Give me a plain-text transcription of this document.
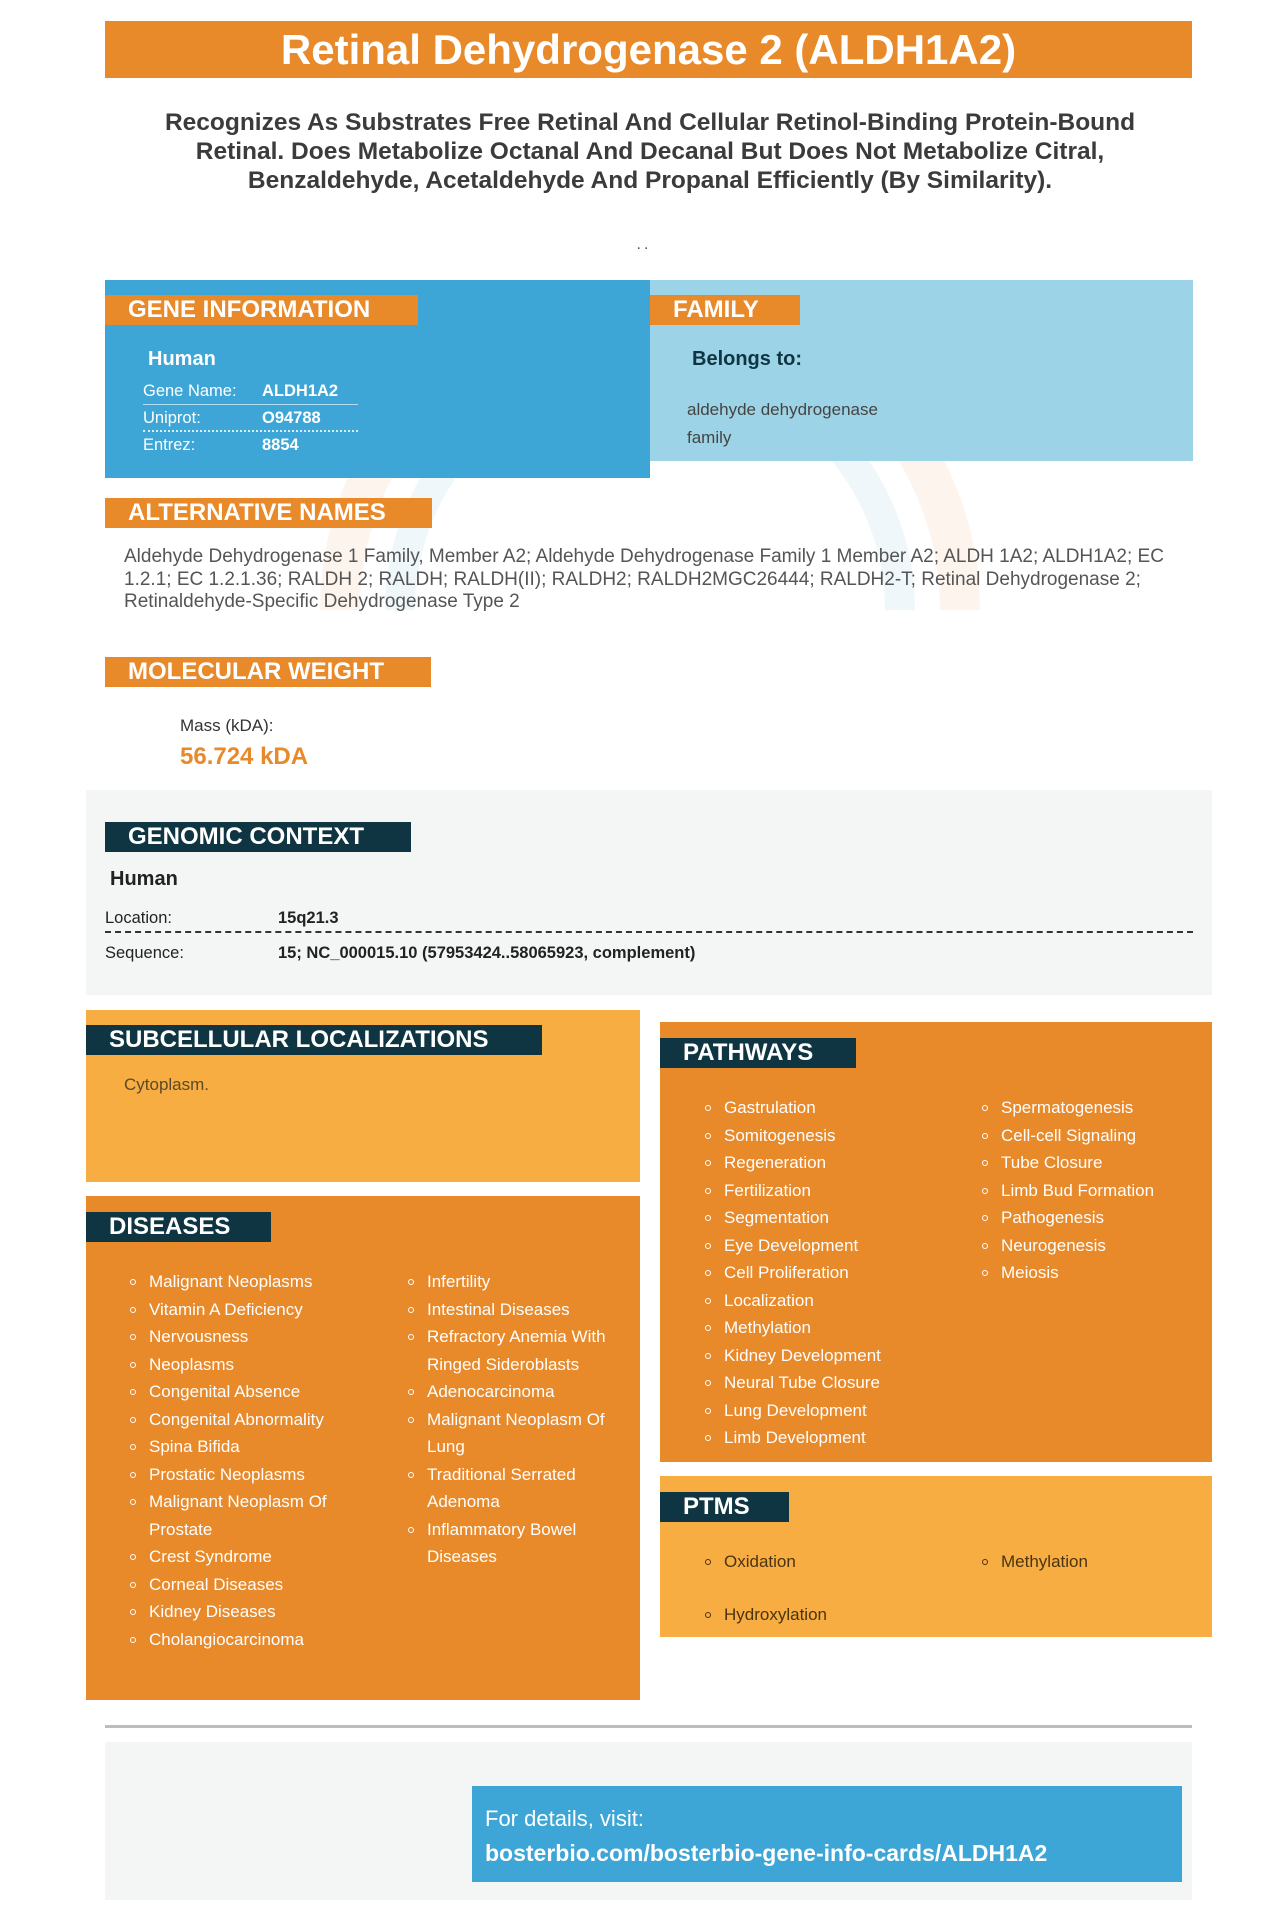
Retinal Dehydrogenase 2 (ALDH1A2)
Recognizes As Substrates Free Retinal And Cellular Retinol-Binding Protein-Bound Retinal. Does Metabolize Octanal And Decanal But Does Not Metabolize Citral, Benzaldehyde, Acetaldehyde And Propanal Efficiently (By Similarity).
..
GENE INFORMATION
Human
Gene Name: ALDH1A2
Uniprot:	O94788
Entrez:	8854
FAMILY
Belongs to:
aldehyde dehydrogenase family
ALTERNATIVE NAMES
Aldehyde Dehydrogenase 1 Family, Member A2; Aldehyde Dehydrogenase Family 1 Member A2; ALDH 1A2; ALDH1A2; EC 1.2.1; EC 1.2.1.36; RALDH 2; RALDH; RALDH(II); RALDH2; RALDH2MGC26444; RALDH2-T; Retinal Dehydrogenase 2; Retinaldehyde-Specific Dehydrogenase Type 2
MOLECULAR WEIGHT
Mass (kDA):
56.724 kDA
GENOMIC CONTEXT
Human
Location:	15q21.3
Sequence:	15; NC_000015.10 (57953424..58065923, complement)
SUBCELLULAR LOCALIZATIONS
Cytoplasm.
DISEASES
Malignant Neoplasms
Vitamin A Deficiency
Nervousness
Neoplasms
Congenital Absence
Congenital Abnormality
Spina Bifida
Prostatic Neoplasms
Malignant Neoplasm Of Prostate
Crest Syndrome
Corneal Diseases
Kidney Diseases
Cholangiocarcinoma
Infertility
Intestinal Diseases
Refractory Anemia With Ringed Sideroblasts
Adenocarcinoma
Malignant Neoplasm Of Lung
Traditional Serrated Adenoma
Inflammatory Bowel Diseases
PATHWAYS
Gastrulation
Somitogenesis
Regeneration
Fertilization
Segmentation
Eye Development
Cell Proliferation
Localization
Methylation
Kidney Development
Neural Tube Closure
Lung Development
Limb Development
Spermatogenesis
Cell-cell Signaling
Tube Closure
Limb Bud Formation
Pathogenesis
Neurogenesis
Meiosis
PTMS
Oxidation
Hydroxylation
Methylation
For details, visit:
bosterbio.com/bosterbio-gene-info-cards/ALDH1A2
